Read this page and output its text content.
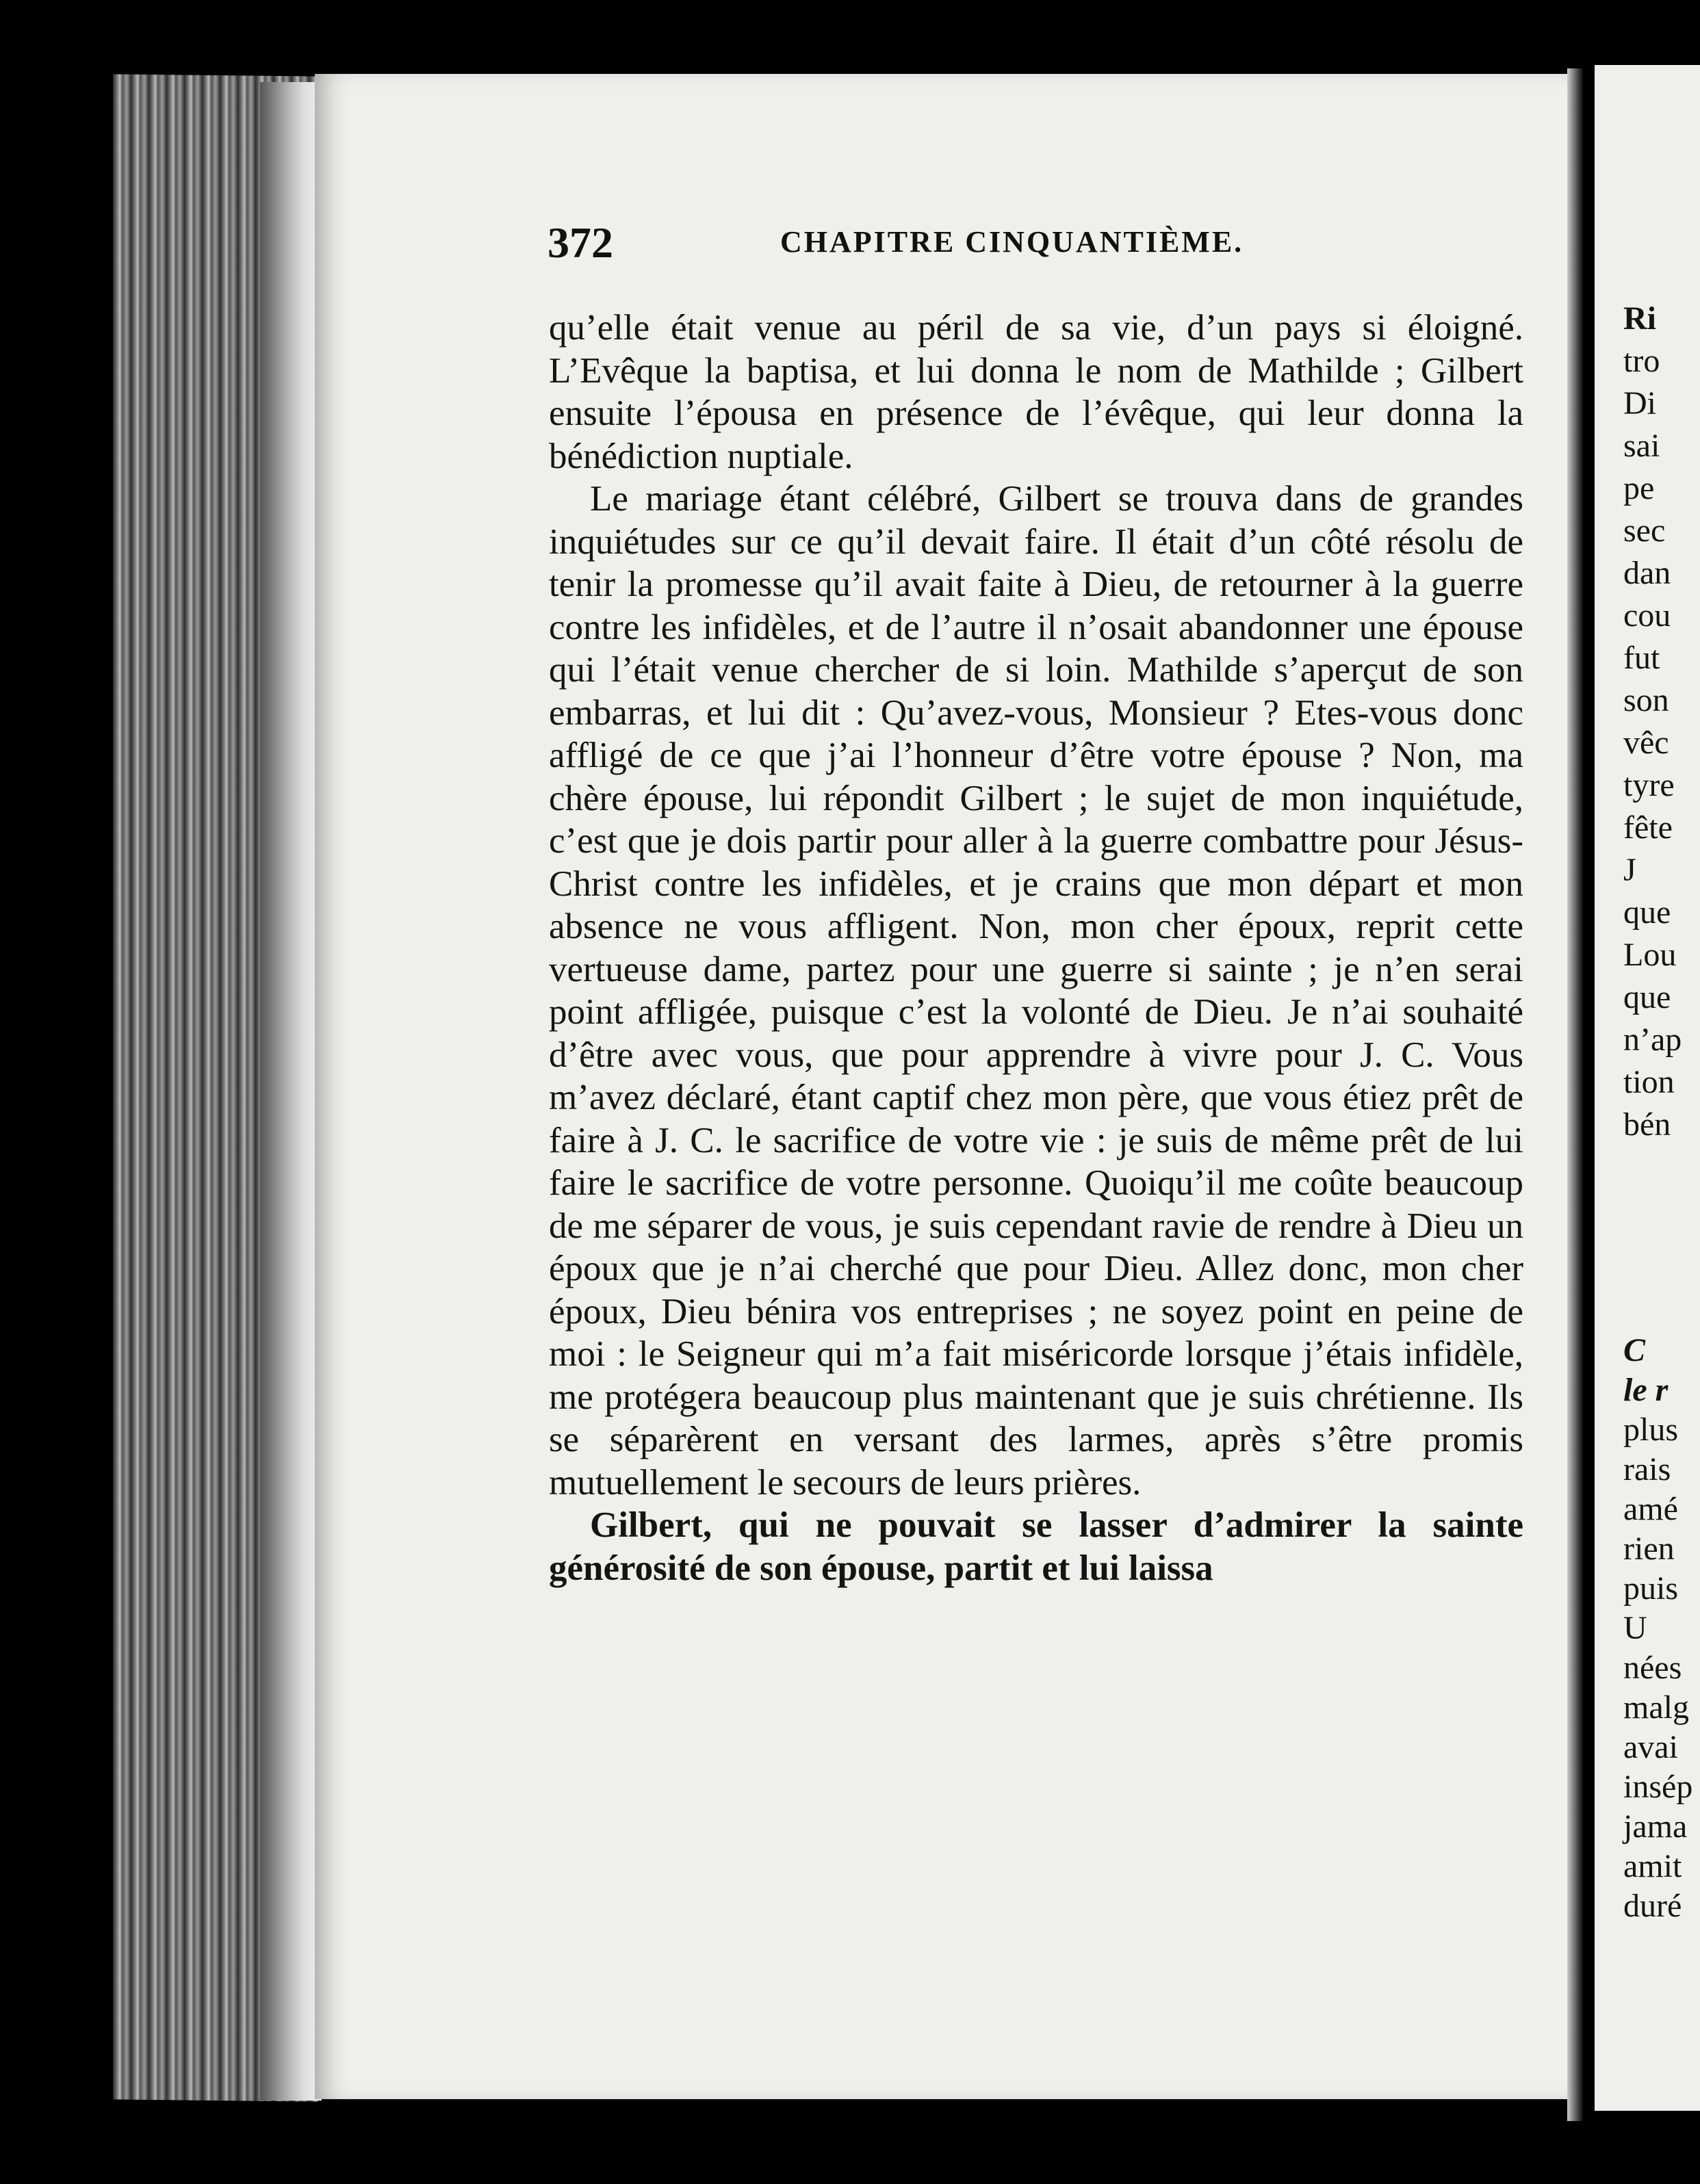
Ri
tro
Di
sai
pe
sec
dan
cou
fut
son
vêc
tyre
fête
J
que
Lou
que
n’ap
tion
bén
C
le r
plus
rais
amé
rien
puis
U
nées
malg
avai
insép
jama
amit
duré
372	CHAPITRE CINQUANTIÈME.

qu’elle était venue au péril de sa vie, d’un pays si éloigné. L’Evêque la baptisa, et lui donna le nom de Mathilde ; Gilbert ensuite l’épousa en présence de l’évêque, qui leur donna la bénédiction nuptiale.

Le mariage étant célébré, Gilbert se trouva dans de grandes inquiétudes sur ce qu’il devait faire. Il était d’un côté résolu de tenir la promesse qu’il avait faite à Dieu, de retourner à la guerre contre les infidèles, et de l’autre il n’osait abandonner une épouse qui l’était venue chercher de si loin. Mathilde s’aperçut de son embarras, et lui dit : Qu’avez-vous, Monsieur ? Etes-vous donc affligé de ce que j’ai l’honneur d’être votre épouse ? Non, ma chère épouse, lui répondit Gilbert ; le sujet de mon inquiétude, c’est que je dois partir pour aller à la guerre combattre pour Jésus-Christ contre les infidèles, et je crains que mon départ et mon absence ne vous affligent. Non, mon cher époux, reprit cette vertueuse dame, partez pour une guerre si sainte ; je n’en serai point affligée, puisque c’est la volonté de Dieu. Je n’ai souhaité d’être avec vous, que pour apprendre à vivre pour J. C. Vous m’avez déclaré, étant captif chez mon père, que vous étiez prêt de faire à J. C. le sacrifice de votre vie : je suis de même prêt de lui faire le sacrifice de votre personne. Quoiqu’il me coûte beaucoup de me séparer de vous, je suis cependant ravie de rendre à Dieu un époux que je n’ai cherché que pour Dieu. Allez donc, mon cher époux, Dieu bénira vos entreprises ; ne soyez point en peine de moi : le Seigneur qui m’a fait miséricorde lorsque j’étais infidèle, me protégera beaucoup plus maintenant que je suis chrétienne. Ils se séparèrent en versant des larmes, après s’être promis mutuellement le secours de leurs prières.

Gilbert, qui ne pouvait se lasser d’admirer la sainte générosité de son épouse, partit et lui laissa
